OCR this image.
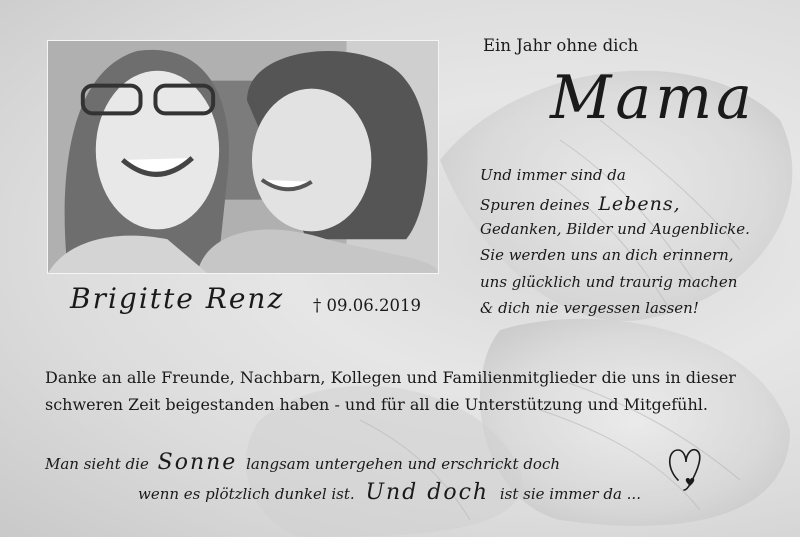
Ein Jahr ohne dich
Mama
Und immer sind da
Spuren deines Lebens,
Gedanken, Bilder und Augenblicke.
Sie werden uns an dich erinnern,
uns glücklich und traurig machen
& dich nie vergessen lassen!
Brigitte Renz † 09.06.2019
Danke an alle Freunde, Nachbarn, Kollegen und Familienmitglieder die uns in dieser
schweren Zeit beigestanden haben - und für all die Unterstützung und Mitgefühl.
Man sieht die Sonne langsam untergehen und erschrickt doch
wenn es plötzlich dunkel ist. Und doch ist sie immer da ...
